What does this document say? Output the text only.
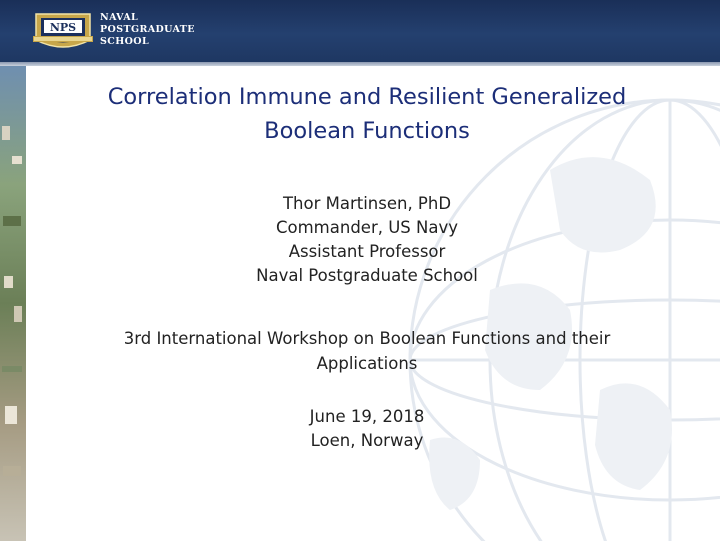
NPS
NAVAL
POSTGRADUATE
SCHOOL
Correlation Immune and Resilient Generalized
Boolean Functions
Thor Martinsen, PhD
Commander, US Navy
Assistant Professor
Naval Postgraduate School
3rd International Workshop on Boolean Functions and their
Applications
June 19, 2018
Loen, Norway
